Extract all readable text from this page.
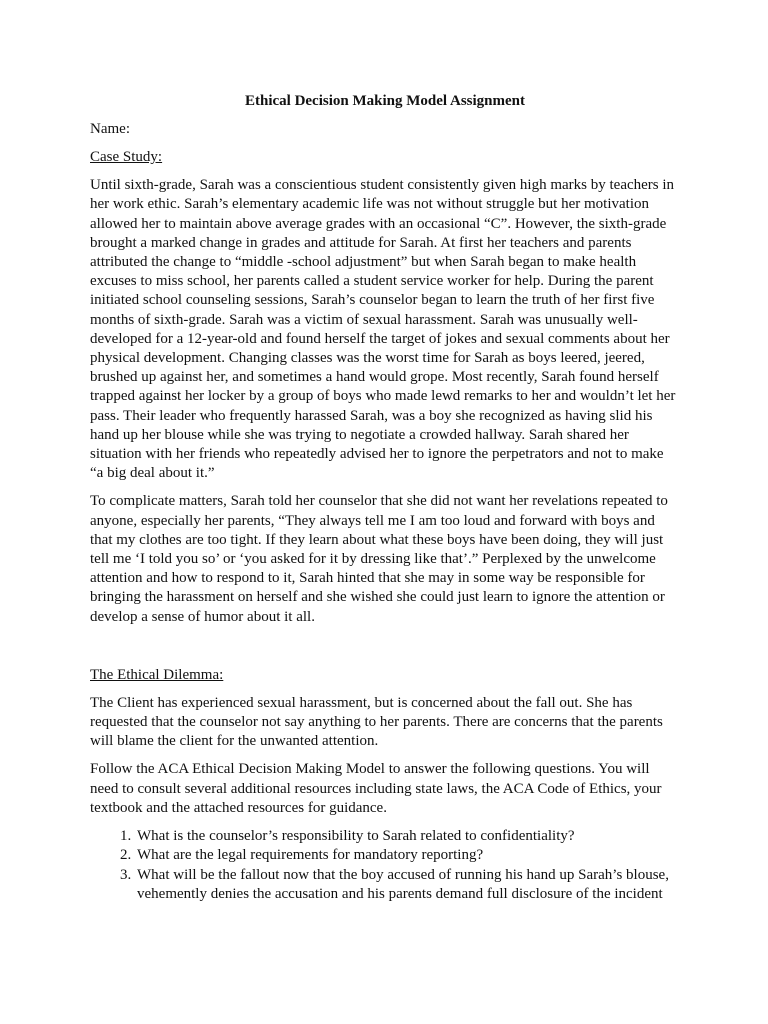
Ethical Decision Making Model Assignment

Name:

Case Study:

Until sixth-grade, Sarah was a conscientious student consistently given high marks by teachers in her work ethic. Sarah’s elementary academic life was not without struggle but her motivation allowed her to maintain above average grades with an occasional “C”. However, the sixth-grade brought a marked change in grades and attitude for Sarah. At first her teachers and parents attributed the change to “middle -school adjustment” but when Sarah began to make health excuses to miss school, her parents called a student service worker for help. During the parent initiated school counseling sessions, Sarah’s counselor began to learn the truth of her first five months of sixth-grade. Sarah was a victim of sexual harassment. Sarah was unusually well-developed for a 12-year-old and found herself the target of jokes and sexual comments about her physical development. Changing classes was the worst time for Sarah as boys leered, jeered, brushed up against her, and sometimes a hand would grope. Most recently, Sarah found herself trapped against her locker by a group of boys who made lewd remarks to her and wouldn’t let her pass. Their leader who frequently harassed Sarah, was a boy she recognized as having slid his hand up her blouse while she was trying to negotiate a crowded hallway. Sarah shared her situation with her friends who repeatedly advised her to ignore the perpetrators and not to make “a big deal about it.”

To complicate matters, Sarah told her counselor that she did not want her revelations repeated to anyone, especially her parents, “They always tell me I am too loud and forward with boys and that my clothes are too tight. If they learn about what these boys have been doing, they will just tell me ‘I told you so’ or ‘you asked for it by dressing like that’.” Perplexed by the unwelcome attention and how to respond to it, Sarah hinted that she may in some way be responsible for bringing the harassment on herself and she wished she could just learn to ignore the attention or develop a sense of humor about it all.

The Ethical Dilemma:

The Client has experienced sexual harassment, but is concerned about the fall out. She has requested that the counselor not say anything to her parents. There are concerns that the parents will blame the client for the unwanted attention.

Follow the ACA Ethical Decision Making Model to answer the following questions. You will need to consult several additional resources including state laws, the ACA Code of Ethics, your textbook and the attached resources for guidance.

1. What is the counselor’s responsibility to Sarah related to confidentiality?
2. What are the legal requirements for mandatory reporting?
3. What will be the fallout now that the boy accused of running his hand up Sarah’s blouse, vehemently denies the accusation and his parents demand full disclosure of the incident
